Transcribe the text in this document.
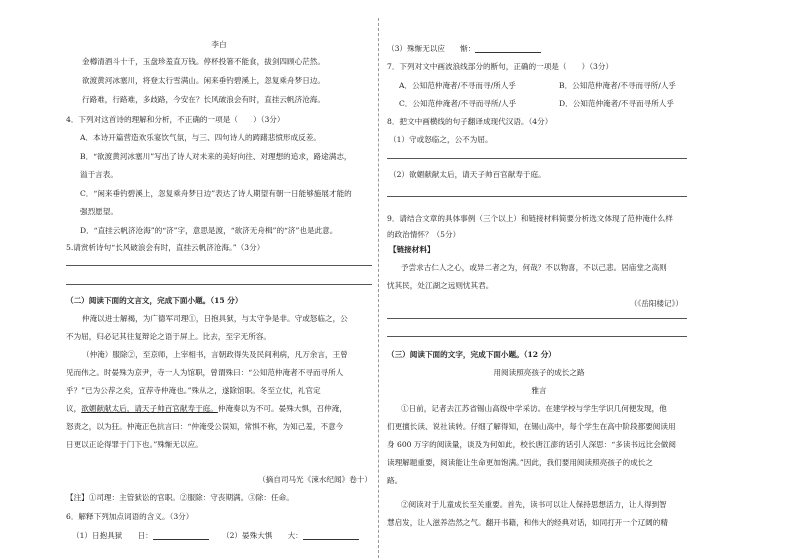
李白
金樽清酒斗十千，玉盘珍羞直万钱。停杯投箸不能食，拔剑四顾心茫然。
欲渡黄河冰塞川，将登太行雪满山。闲来垂钓碧溪上，忽复乘舟梦日边。
行路难，行路难，多歧路，今安在？长风破浪会有时，直挂云帆济沧海。
4．下列对这首诗的理解和分析，不正确的一项是（　　）（3分）
A．本诗开篇营造欢乐宴饮气氛，与三、四句诗人的踌躇悲愤形成反差。
B．“欲渡黄河冰塞川”写出了诗人对未来的美好向往、对理想的追求，路途满志，
溢于言表。
C．“闲来垂钓碧溪上，忽复乘舟梦日边”表达了诗人期望有朝一日能够施展才能的
强烈愿望。
D．“直挂云帆济沧海”的“济”字，意思是渡，“欲济无舟楫”的“济”也是此意。
5.请赏析诗句“长风破浪会有时，直挂云帆济沧海。”（3分）
（二）阅读下面的文言文，完成下面小题。（15 分）
仲淹以进士解褐，为广德军司理①，日抱具狱，与太守争是非。守或怒临之，公
不为屈，归必记其往复辩论之语于屏上。比去，至字无所容。
（仲淹）服除②，至京师，上宰相书，言朝政得失及民间利病，凡万余言，王曾
见而伟之。时晏殊为京尹，寺一人为馆职，曾谓殊曰：“公知范仲淹者不寻而寻所人
乎？”已为公荐之矣，宜荐寺仲淹也。”殊从之，遂除馆职。冬至立仗，礼官定
议，欲媚献献太后，请天子帅百官献寿于庭。仲淹奏以为不可。晏殊大惧，召仲淹，
怒责之，以为狂。仲淹正色抗言曰：“仲淹受公误知，常惧不称，为知己羞，不意今
日更以正论得罪于门下也。”殊惭无以应。
（摘自司马光《涑水纪闻》卷十）
【注】①司理：主管狱讼的官职。②服除：守丧期满。③除：任命。
6．解释下列加点词语的含义。（3分）
（1）日抱具狱　　日：	（2）晏殊大惧　　大：
（3）殊惭无以应　　惭：
7．下列对文中画波浪线部分的断句，正确的一项是（　　）（3分）
A．公知范仲淹者/不寻而寻/所人乎	B．公知范仲淹者/不寻而寻所/人乎
C．公知范仲淹者/不寻而寻所/人乎	D．公知范仲淹者/不寻而寻所人乎
8．把文中画横线的句子翻译成现代汉语。（4分）
（1）守或怒临之，公不为屈。
（2）欲媚献献太后，请天子帅百官献寿于庭。
9．请结合文章的具体事例（三个以上）和链接材料简要分析选文体现了范仲淹什么样
的政治情怀？（5分）
【链接材料】
予尝求古仁人之心，或异二者之为，何哉？不以物喜，不以己悲。居庙堂之高则
忧其民，处江湖之远则忧其君。
（《岳阳楼记》）
（三）阅读下面的文字，完成下面小题。（12 分）
用阅读照亮孩子的成长之路
雅言
①日前，记者去江苏省锡山高级中学采访。在建学校与学生学识几何便发现，他
们更擅长读、说社读转。仔细了解得知，在锡山高中，每个学生在高中阶段都要阅读用
身 600 万字的阅读量，谈及为何如此，校长唐江澎的话引人深思：“多读书远比会做阅
读理解题重要，阅读能让生命更加饱满。”因此，我们要用阅读照亮孩子的成长之
路。
②阅读对于儿童成长至关重要。首先，读书可以让人保持思想活力，让人得到智
慧启发，让人滋养浩然之气。翻开书籍，和伟大的经典对话，如同打开一个辽阔的精
